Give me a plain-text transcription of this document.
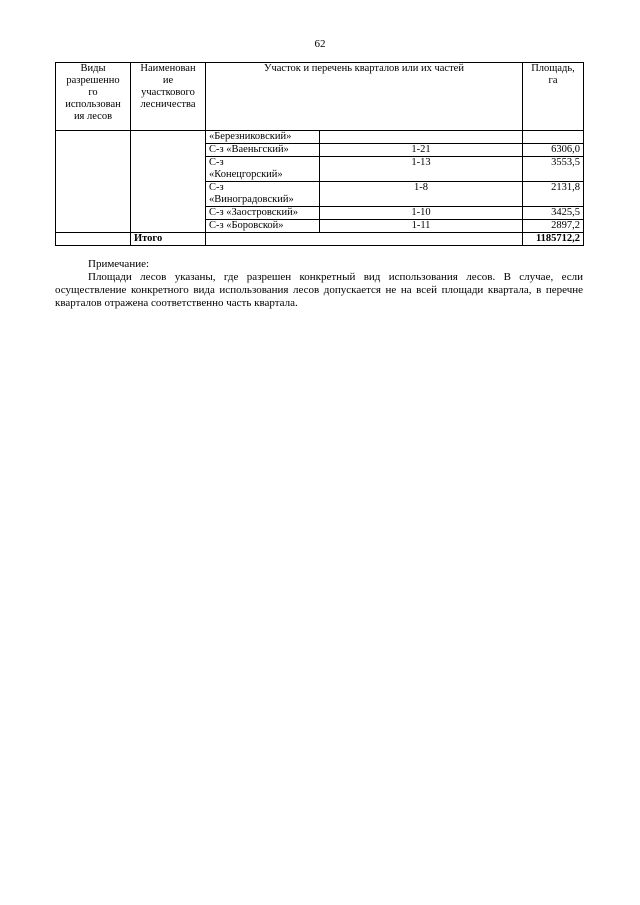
62
Виды
разрешенно
го
использован
ия лесов	Наименован
ие
участкового
лесничества	Участок и перечень кварталов или их частей		Площадь,
га
		«Березниковский»		
		С-з «Ваеньгский»	1-21	6306,0
		С-з
«Конецгорский»	1-13	3553,5
		С-з
«Виноградовский»	1-8	2131,8
		С-з «Заостровский»	1-10	3425,5
		С-з «Боровской»	1-11	2897,2
	Итого			1185712,2
Примечание:
Площади лесов указаны, где разрешен конкретный вид использования лесов. В случае, если осуществление конкретного вида использования лесов допускается не на всей площади квартала, в перечне кварталов отражена соответственно часть квартала.
